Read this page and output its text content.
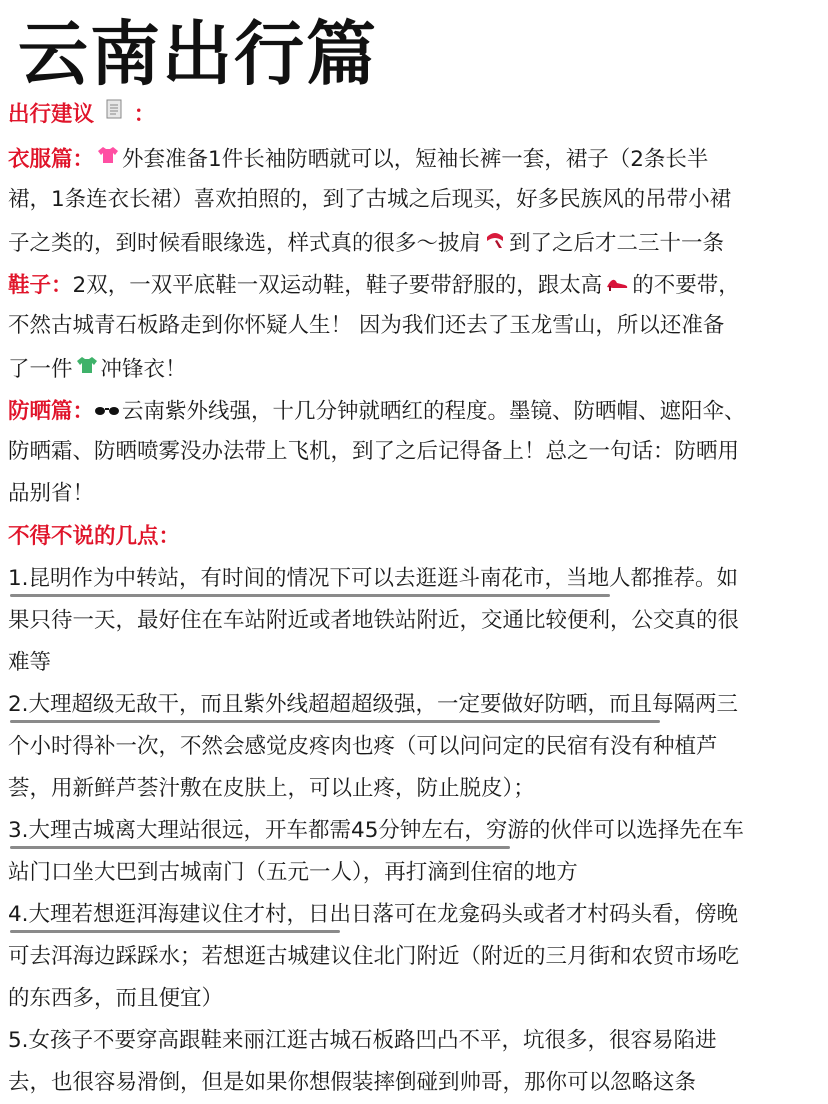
云南出行篇
出行建议 ：
衣服篇： 外套准备1件长袖防晒就可以，短袖长裤一套，裙子（2条长半
裙，1条连衣长裙）喜欢拍照的，到了古城之后现买，好多民族风的吊带小裙
子之类的，到时候看眼缘选，样式真的很多～披肩 到了之后才二三十一条
鞋子：2双，一双平底鞋一双运动鞋，鞋子要带舒服的，跟太高 的不要带，
不然古城青石板路走到你怀疑人生！ 因为我们还去了玉龙雪山，所以还准备
了一件 冲锋衣！
防晒篇： 云南紫外线强，十几分钟就晒红的程度。墨镜、防晒帽、遮阳伞、
防晒霜、防晒喷雾没办法带上飞机，到了之后记得备上！总之一句话：防晒用
品别省！
不得不说的几点：
1.昆明作为中转站，有时间的情况下可以去逛逛斗南花市，当地人都推荐。如
果只待一天，最好住在车站附近或者地铁站附近，交通比较便利，公交真的很
难等
2.大理超级无敌干，而且紫外线超超超级强，一定要做好防晒，而且每隔两三
个小时得补一次，不然会感觉皮疼肉也疼（可以问问定的民宿有没有种植芦
荟，用新鲜芦荟汁敷在皮肤上，可以止疼，防止脱皮）；
3.大理古城离大理站很远，开车都需45分钟左右，穷游的伙伴可以选择先在车
站门口坐大巴到古城南门（五元一人），再打滴到住宿的地方
4.大理若想逛洱海建议住才村，日出日落可在龙龛码头或者才村码头看，傍晚
可去洱海边踩踩水；若想逛古城建议住北门附近（附近的三月街和农贸市场吃
的东西多，而且便宜）
5.女孩子不要穿高跟鞋来丽江逛古城石板路凹凸不平，坑很多，很容易陷进
去，也很容易滑倒，但是如果你想假装摔倒碰到帅哥，那你可以忽略这条
